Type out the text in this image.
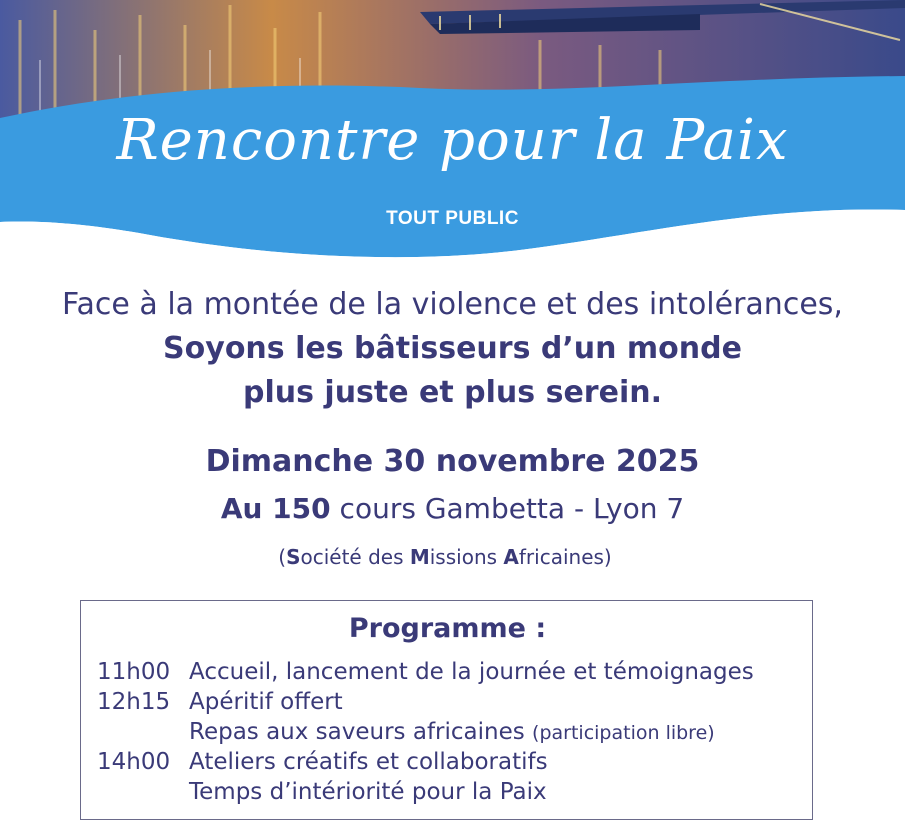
Rencontre pour la Paix
TOUT PUBLIC
Face à la montée de la violence et des intolérances,
Soyons les bâtisseurs d’un monde
plus juste et plus serein.
Dimanche 30 novembre 2025
Au 150 cours Gambetta - Lyon 7
(Société des Missions Africaines)
Programme :
11h00 Accueil, lancement de la journée et témoignages
12h15 Apéritif offert
Repas aux saveurs africaines (participation libre)
14h00 Ateliers créatifs et collaboratifs
Temps d’intériorité pour la Paix
